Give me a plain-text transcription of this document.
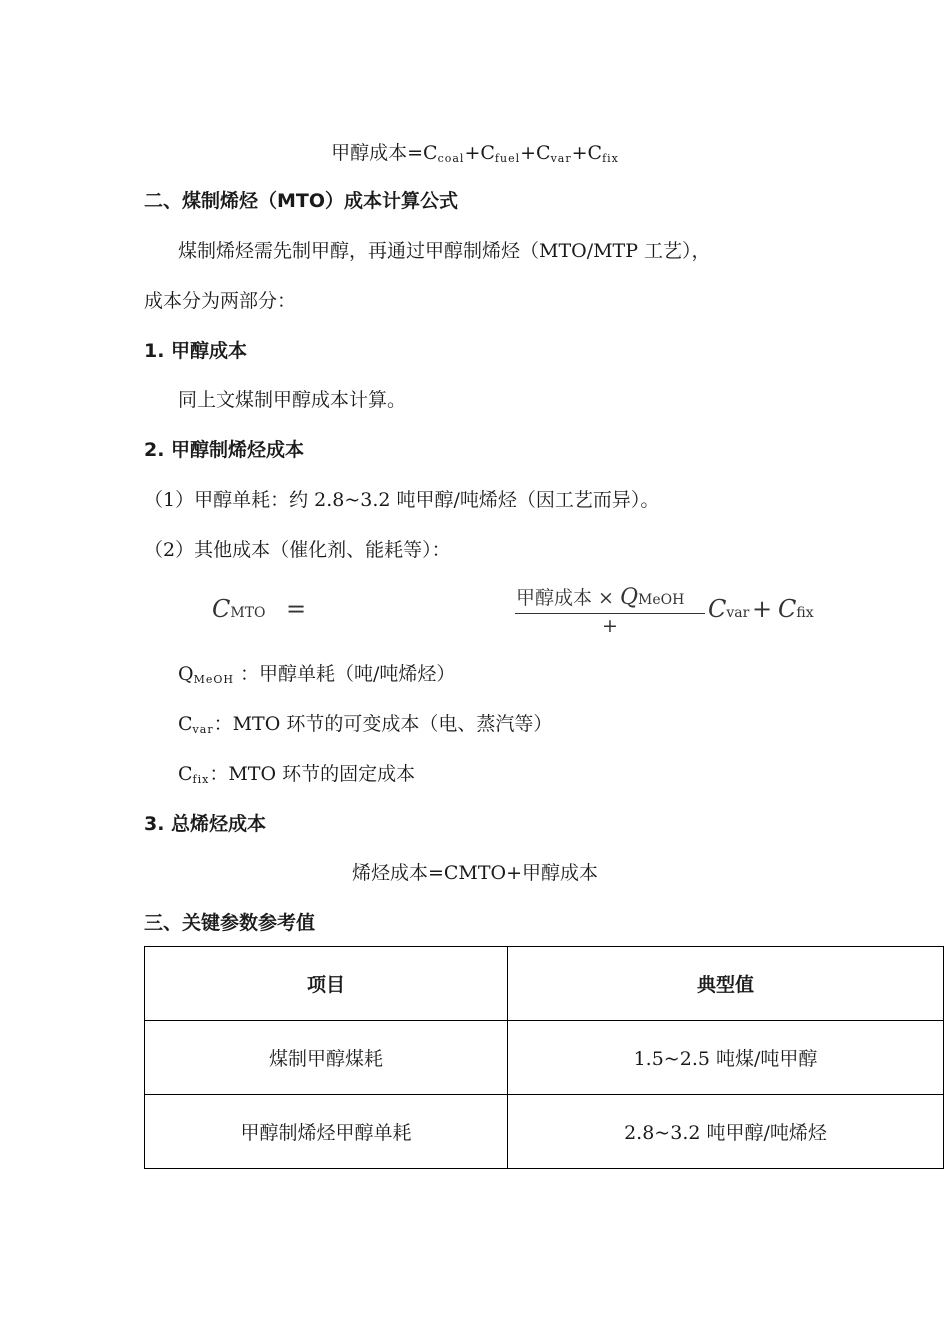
甲醇成本$=C_{coal}+C_{fuel}+C_{var}+C_{fix}$
二、煤制烯烃（MTO）成本计算公式
煤制烯烃需先制甲醇，再通过甲醇制烯烃（MTO/MTP 工艺），
成本分为两部分：
1. 甲醇成本
同上文煤制甲醇成本计算。
2. 甲醇制烯烃成本
（1）甲醇单耗：约 2.8~3.2 吨甲醇/吨烯烃（因工艺而异）。
（2）其他成本（催化剂、能耗等）：
CMTO =	甲醇成本 × QMeOH
+
Cvar + Cfix
$Q_{MeOH}$ ：甲醇单耗（吨/吨烯烃）
$C_{var}$：MTO 环节的可变成本（电、蒸汽等）
$C_{fix}$：MTO 环节的固定成本
3. 总烯烃成本
烯烃成本=CMTO+甲醇成本
三、关键参数参考值
项目	典型值
煤制甲醇煤耗	1.5~2.5 吨煤/吨甲醇
甲醇制烯烃甲醇单耗	2.8~3.2 吨甲醇/吨烯烃
